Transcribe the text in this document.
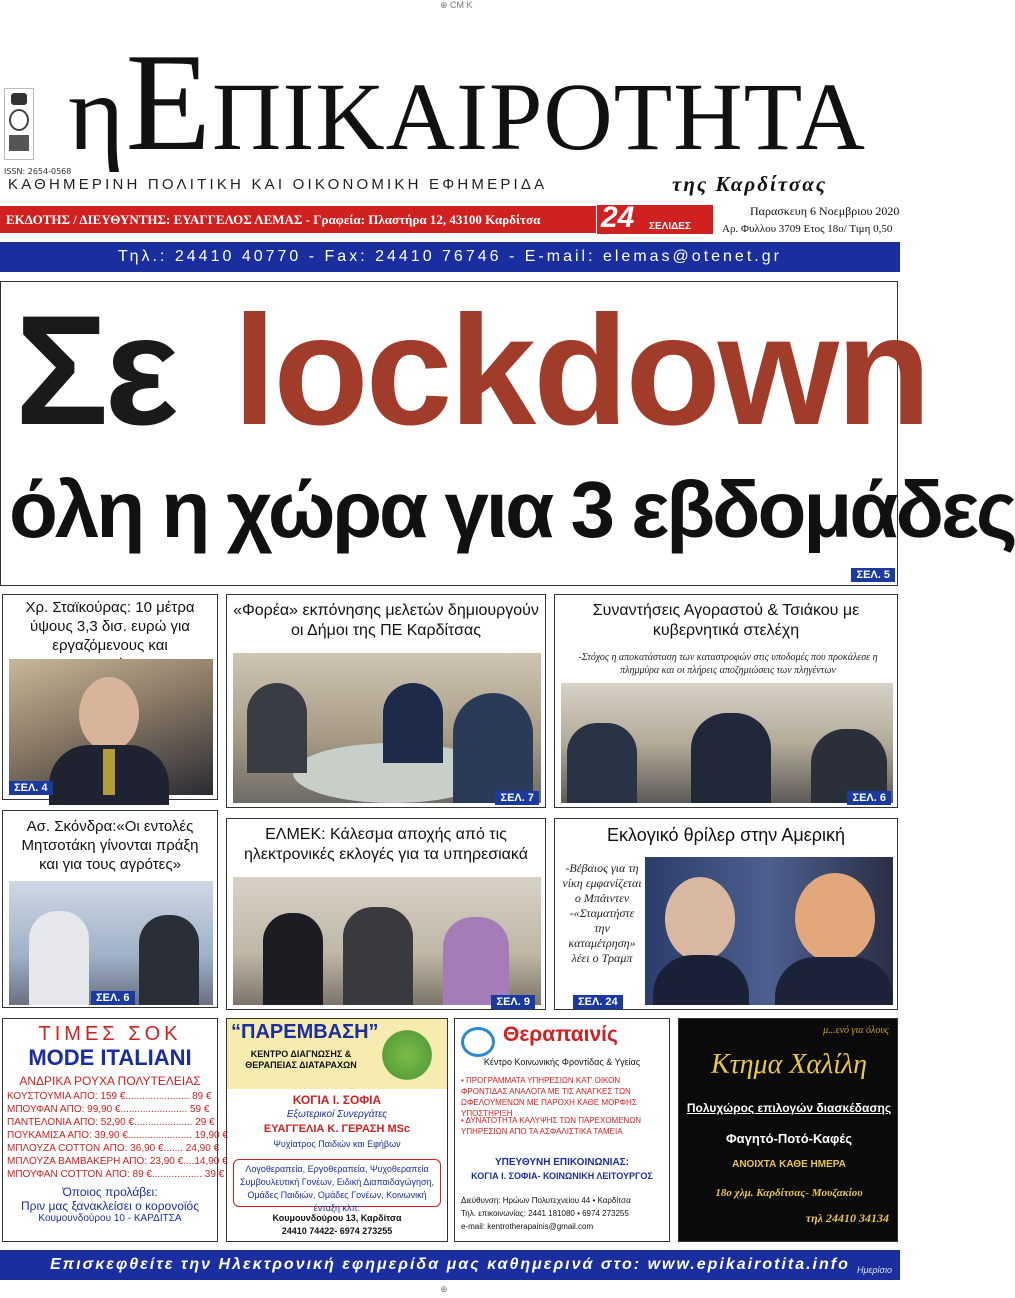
⊕ CM K
ISSN: 2654-0568
ηΕΠΙΚΑΙΡΟΤΗΤΑ
ΚΑΘΗΜΕΡΙΝΗ ΠΟΛΙΤΙΚΗ ΚΑΙ ΟΙΚΟΝΟΜΙΚΗ ΕΦΗΜΕΡΙΔΑ	της Καρδίτσας
ΕΚΔΟΤΗΣ / ΔΙΕΥΘΥΝΤΗΣ: ΕΥΑΓΓΕΛΟΣ ΛΕΜΑΣ - Γραφεία: Πλαστήρα 12, 43100 Καρδίτσα	24 ΣΕΛΙΔΕΣ
Παρασκευη 6 Νοεμβριου 2020
Αρ. Φυλλου 3709 Ετος 18ο/ Τιμη 0,50
Τηλ.: 24410 40770 - Fax: 24410 76746 - E-mail: elemas@otenet.gr
Σε lockdown
όλη η χώρα για 3 εβδομάδες
ΣΕΛ. 5
Χρ. Σταϊκούρας: 10 μέτρα ύψους 3,3 δισ. ευρώ για εργαζόμενους και
ΣΕΛ. 4
«Φορέα» εκπόνησης μελετών δημιουργούν οι Δήμοι της ΠΕ Καρδίτσας
ΣΕΛ. 7
Συναντήσεις Αγοραστού & Τσιάκου με κυβερνητικά στελέχη
-Στόχος η αποκατάσταση των καταστροφών στις υποδομές που προκάλεσε η πλημμύρα και οι πλήρεις αποζημιώσεις των πληγέντων
ΣΕΛ. 6
Ασ. Σκόνδρα:«Οι εντολές Μητσοτάκη γίνονται πράξη και για τους αγρότες»
ΣΕΛ. 6
ΕΛΜΕΚ: Κάλεσμα αποχής από τις ηλεκτρονικές εκλογές για τα υπηρεσιακά
ΣΕΛ. 9
Εκλογικό θρίλερ στην Αμερική
-Βέβαιος για τη νίκη εμφανίζεται ο Μπάιντεν -«Σταματήστε την καταμέτρηση» λέει ο Τραμπ
ΣΕΛ. 24
ΤΙΜΕΣ ΣΟΚ
MODE ITALIANI
ΑΝΔΡΙΚΑ ΡΟΥΧΑ ΠΟΛΥΤΕΛΕΙΑΣ
ΚΟΥΣΤΟΥΜΙΑ ΑΠΟ: 159 €....................... 89 €
ΜΠΟΥΦΑΝ ΑΠΟ: 99,90 €........................ 59 €
ΠΑΝΤΕΛΟΝΙΑ ΑΠΟ: 52,90 €..................... 29 €
ΠΟΥΚΑΜΙΣΑ ΑΠΟ: 39,90 €....................... 19,90 €
ΜΠΛΟΥΖΑ COTTON ΑΠΟ: 36,90 €....... 24,90 €
ΜΠΛΟΥΖΑ ΒΑΜΒΑΚΕΡΗ ΑΠΟ: 23,90 €....14,90 €
ΜΠΟΥΦΑΝ COTTON ΑΠΟ: 89 €.................. 39 €
Όποιος προλάβει:
Πριν μας ξανακλείσει ο κορονοϊός
Κουμουνδούρου 10 - ΚΑΡΔΙΤΣΑ
“ΠΑΡΕΜΒΑΣΗ”
ΚΕΝΤΡΟ ΔΙΑΓΝΩΣΗΣ & ΘΕΡΑΠΕΙΑΣ ΔΙΑΤΑΡΑΧΩΝ
ΚΟΓΙΑ Ι. ΣΟΦΙΑ
Εξωτερικοί Συνεργάτες
ΕΥΑΓΓΕΛΙΑ Κ. ΓΕΡΑΣΗ MSc
Ψυχίατρος Παιδιών και Εφήβων
Λογοθεραπεία, Εργοθεραπεία, Ψυχοθεραπεία Συμβουλευτική Γονέων, Ειδική Διαπαιδαγώγηση, Ομάδες Παιδιών, Ομάδες Γονέων, Κοινωνική ένταξη κλπ.
Κουμουνδούρου 13, Καρδίτσα
24410 74422- 6974 273255
Θεραπαινίς
Κέντρο Κοινωνικής Φροντίδας & Υγείας
• ΠΡΟΓΡΑΜΜΑΤΑ ΥΠΗΡΕΣΙΩΝ ΚΑΤ' ΟΙΚΟΝ ΦΡΟΝΤΙΔΑΣ ΑΝΑΛΟΓΑ ΜΕ ΤΙΣ ΑΝΑΓΚΕΣ ΤΩΝ ΩΦΕΛΟΥΜΕΝΩΝ ΜΕ ΠΑΡΟΧΗ ΚΑΘΕ ΜΟΡΦΗΣ ΥΠΟΣΤΗΡΙΞΗ
• ΔΥΝΑΤΟΤΗΤΑ ΚΑΛΥΨΗΣ ΤΩΝ ΠΑΡΕΧΟΜΕΝΩΝ ΥΠΗΡΕΣΙΩΝ ΑΠΟ ΤΑ ΑΣΦΑΛΙΣΤΙΚΑ ΤΑΜΕΙΑ
ΥΠΕΥΘΥΝΗ ΕΠΙΚΟΙΝΩΝΙΑΣ:
ΚΟΓΙΑ Ι. ΣΟΦΙΑ- ΚΟΙΝΩΝΙΚΗ ΛΕΙΤΟΥΡΓΟΣ
Διεύθυνση: Ηρώων Πολυτεχνείου 44 • Καρδίτσα
Τηλ. επικοινωνίας: 2441 181080 • 6974 273255
e-mail: kentrotherapainis@gmail.com
μ...ενό για όλους
Κτημα Χαλίλη
Πολυχώρος επιλογών διασκέδασης
Φαγητό-Ποτό-Καφές
ΑΝΟΙΧΤΑ ΚΑΘΕ ΗΜΕΡΑ
18ο χλμ. Καρδίτσας- Μουζακίου
τηλ 24410 34134
Επισκεφθείτε την Ηλεκτρονική εφημερίδα μας καθημερινά στο: www.epikairotita.info Hμερίσιο
frontpages.gr
⊕
